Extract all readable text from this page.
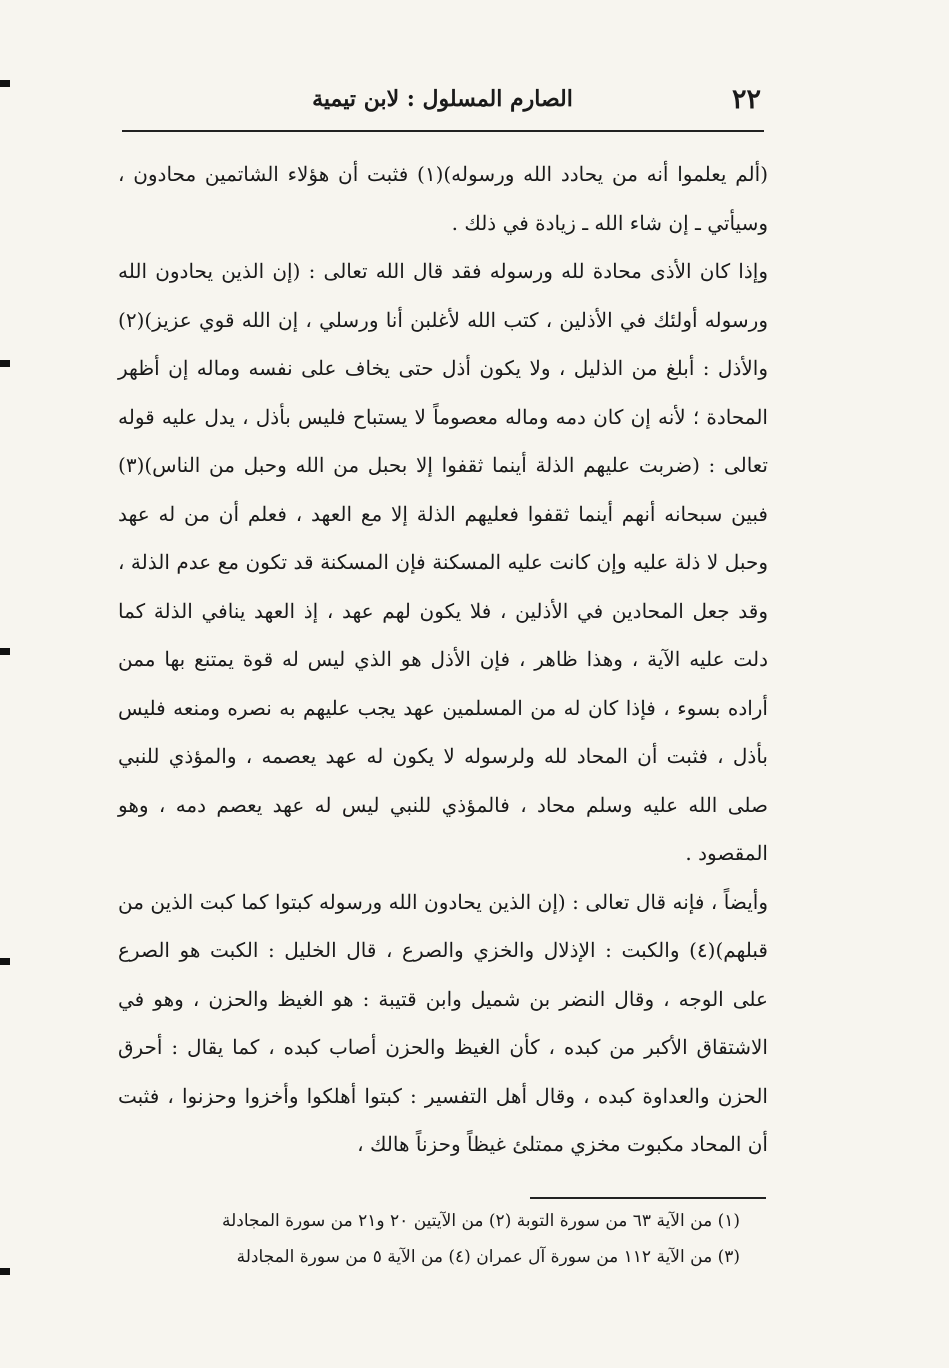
٢٢
الصارم المسلول : لابن تيمية

(ألم يعلموا أنه من يحادد الله ورسوله)(١) فثبت أن هؤلاء الشاتمين محادون ، وسيأتي ـ إن شاء الله ـ زيادة في ذلك .

وإذا كان الأذى محادة لله ورسوله فقد قال الله تعالى : (إن الذين يحادون الله ورسوله أولئك في الأذلين ، كتب الله لأغلبن أنا ورسلي ، إن الله قوي عزيز)(٢) والأذل : أبلغ من الذليل ، ولا يكون أذل حتى يخاف على نفسه وماله إن أظهر المحادة ؛ لأنه إن كان دمه وماله معصوماً لا يستباح فليس بأذل ، يدل عليه قوله تعالى : (ضربت عليهم الذلة أينما ثقفوا إلا بحبل من الله وحبل من الناس)(٣) فبين سبحانه أنهم أينما ثقفوا فعليهم الذلة إلا مع العهد ، فعلم أن من له عهد وحبل لا ذلة عليه وإن كانت عليه المسكنة فإن المسكنة قد تكون مع عدم الذلة ، وقد جعل المحادين في الأذلين ، فلا يكون لهم عهد ، إذ العهد ينافي الذلة كما دلت عليه الآية ، وهذا ظاهر ، فإن الأذل هو الذي ليس له قوة يمتنع بها ممن أراده بسوء ، فإذا كان له من المسلمين عهد يجب عليهم به نصره ومنعه فليس بأذل ، فثبت أن المحاد لله ولرسوله لا يكون له عهد يعصمه ، والمؤذي للنبي صلى الله عليه وسلم محاد ، فالمؤذي للنبي ليس له عهد يعصم دمه ، وهو المقصود .

وأيضاً ، فإنه قال تعالى : (إن الذين يحادون الله ورسوله كبتوا كما كبت الذين من قبلهم)(٤) والكبت : الإذلال والخزي والصرع ، قال الخليل : الكبت هو الصرع على الوجه ، وقال النضر بن شميل وابن قتيبة : هو الغيظ والحزن ، وهو في الاشتقاق الأكبر من كبده ، كأن الغيظ والحزن أصاب كبده ، كما يقال : أحرق الحزن والعداوة كبده ، وقال أهل التفسير : كبتوا أهلكوا وأخزوا وحزنوا ، فثبت أن المحاد مكبوت مخزي ممتلئ غيظاً وحزناً هالك ،

(١) من الآية ٦٣ من سورة التوبة (٢) من الآيتين ٢٠ و٢١ من سورة المجادلة
(٣) من الآية ١١٢ من سورة آل عمران (٤) من الآية ٥ من سورة المجادلة
